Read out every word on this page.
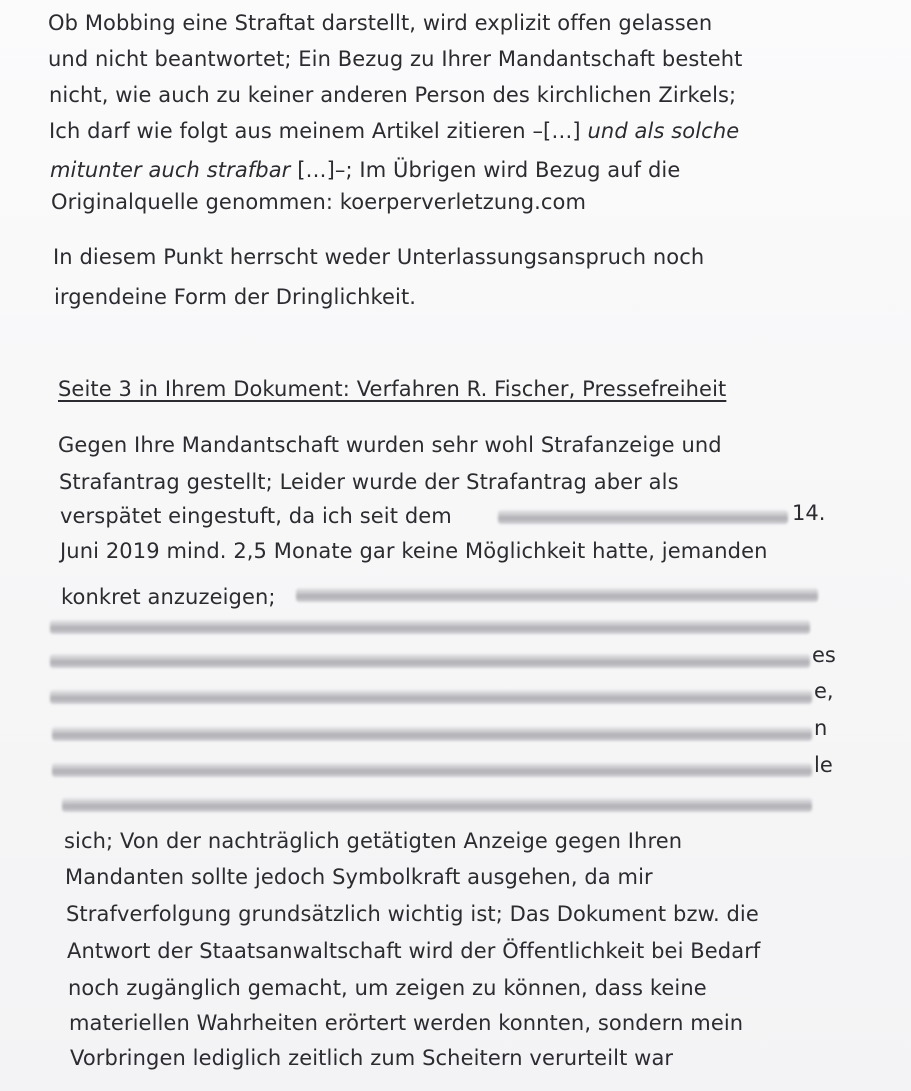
Ob Mobbing eine Straftat darstellt, wird explizit offen gelassen
und nicht beantwortet; Ein Bezug zu Ihrer Mandantschaft besteht
nicht, wie auch zu keiner anderen Person des kirchlichen Zirkels;
Ich darf wie folgt aus meinem Artikel zitieren –[…] und als solche
mitunter auch strafbar […]–; Im Übrigen wird Bezug auf die
Originalquelle genommen: koerperverletzung.com
In diesem Punkt herrscht weder Unterlassungsanspruch noch
irgendeine Form der Dringlichkeit.
Seite 3 in Ihrem Dokument: Verfahren R. Fischer, Pressefreiheit
Gegen Ihre Mandantschaft wurden sehr wohl Strafanzeige und
Strafantrag gestellt; Leider wurde der Strafantrag aber als
verspätet eingestuft, da ich seit dem	14.
Juni 2019 mind. 2,5 Monate gar keine Möglichkeit hatte, jemanden
konkret anzuzeigen;
es
e,
n
le
sich; Von der nachträglich getätigten Anzeige gegen Ihren
Mandanten sollte jedoch Symbolkraft ausgehen, da mir
Strafverfolgung grundsätzlich wichtig ist; Das Dokument bzw. die
Antwort der Staatsanwaltschaft wird der Öffentlichkeit bei Bedarf
noch zugänglich gemacht, um zeigen zu können, dass keine
materiellen Wahrheiten erörtert werden konnten, sondern mein
Vorbringen lediglich zeitlich zum Scheitern verurteilt war
